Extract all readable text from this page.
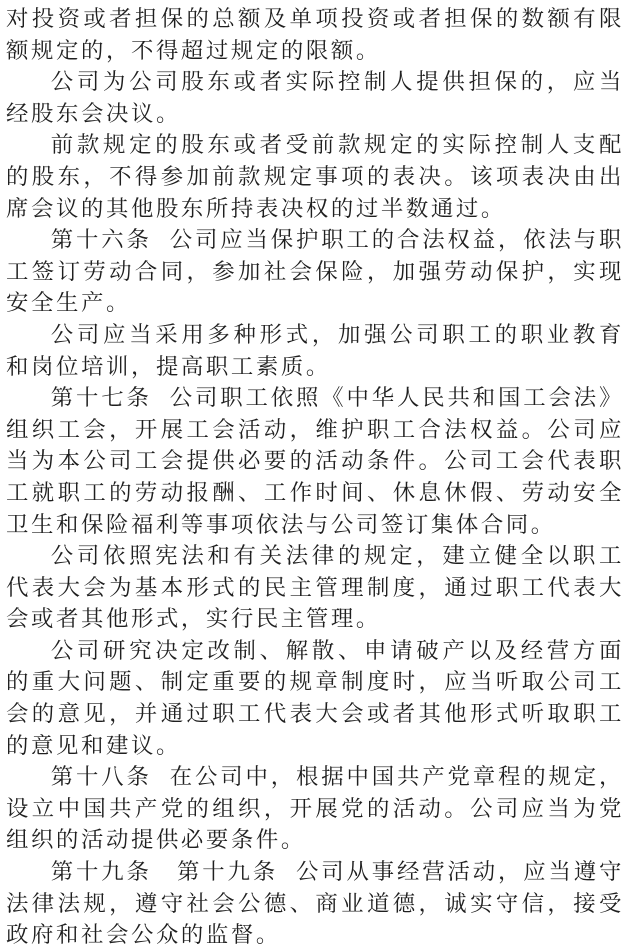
对投资或者担保的总额及单项投资或者担保的数额有限额规定的，不得超过规定的限额。

公司为公司股东或者实际控制人提供担保的，应当经股东会决议。

前款规定的股东或者受前款规定的实际控制人支配的股东，不得参加前款规定事项的表决。该项表决由出席会议的其他股东所持表决权的过半数通过。

第十六条 公司应当保护职工的合法权益，依法与职工签订劳动合同，参加社会保险，加强劳动保护，实现安全生产。

公司应当采用多种形式，加强公司职工的职业教育和岗位培训，提高职工素质。

第十七条 公司职工依照《中华人民共和国工会法》组织工会，开展工会活动，维护职工合法权益。公司应当为本公司工会提供必要的活动条件。公司工会代表职工就职工的劳动报酬、工作时间、休息休假、劳动安全卫生和保险福利等事项依法与公司签订集体合同。

公司依照宪法和有关法律的规定，建立健全以职工代表大会为基本形式的民主管理制度，通过职工代表大会或者其他形式，实行民主管理。

公司研究决定改制、解散、申请破产以及经营方面的重大问题、制定重要的规章制度时，应当听取公司工会的意见，并通过职工代表大会或者其他形式听取职工的意见和建议。

第十八条 在公司中，根据中国共产党章程的规定，设立中国共产党的组织，开展党的活动。公司应当为党组织的活动提供必要条件。

第十九条　第十九条 公司从事经营活动，应当遵守法律法规，遵守社会公德、商业道德，诚实守信，接受政府和社会公众的监督。
